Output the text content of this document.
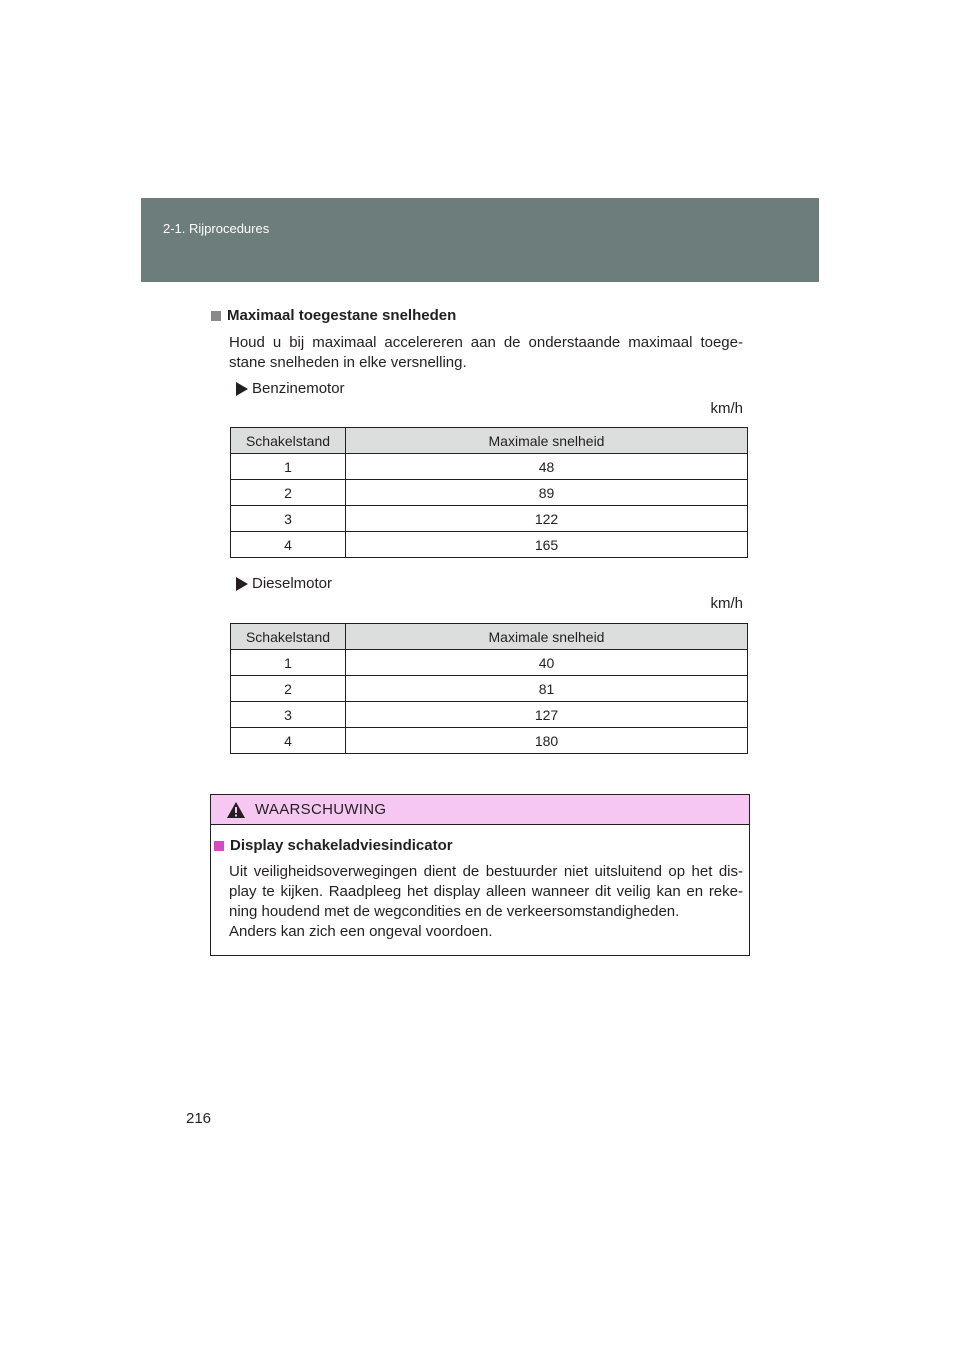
2-1. Rijprocedures
Maximaal toegestane snelheden
Houd u bij maximaal accelereren aan de onderstaande maximaal toege-stane snelheden in elke versnelling.
Benzinemotor
km/h
Schakelstand	Maximale snelheid
1	48
2	89
3	122
4	165
Dieselmotor
km/h
Schakelstand	Maximale snelheid
1	40
2	81
3	127
4	180
WAARSCHUWING
Display schakeladviesindicator
Uit veiligheidsoverwegingen dient de bestuurder niet uitsluitend op het dis-play te kijken. Raadpleeg het display alleen wanneer dit veilig kan en reke-ning houdend met de wegcondities en de verkeersomstandigheden.
Anders kan zich een ongeval voordoen.
216
